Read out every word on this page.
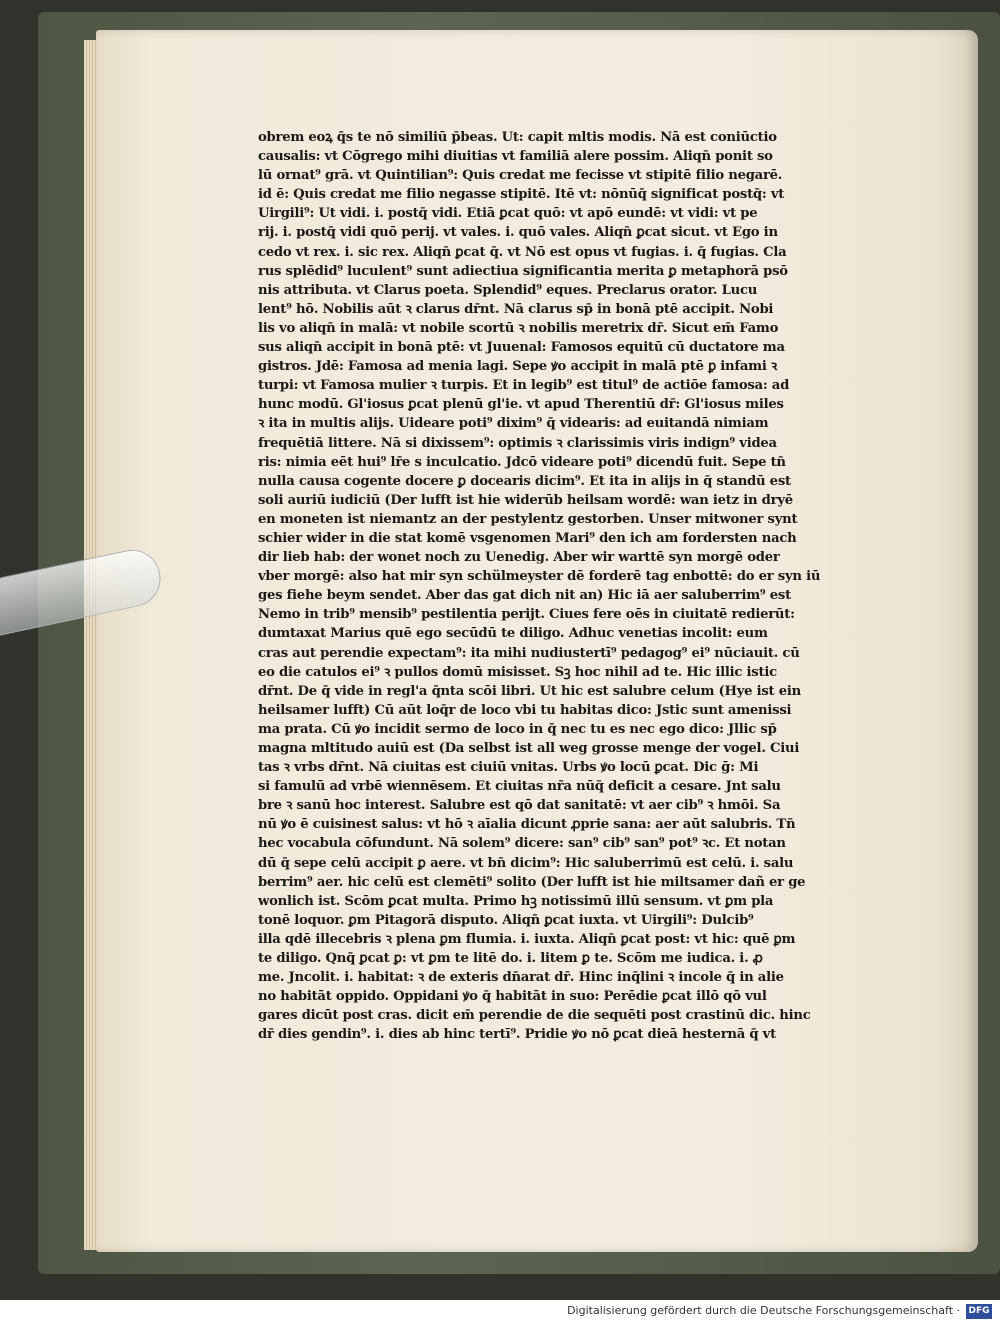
obrem eoꝝ q̄s te nō similiū p̄beas. Ut: capit mltis modis. Nā est coniūctio
causalis: vt Cōgrego mihi diuitias vt familiā alere possim. Aliqn̄ ponit so
lū ornat⁹ grā. vt Quintilian⁹: Quis credat me fecisse vt stipitē filio negarē.
id ē: Quis credat me filio negasse stipitē. Itē vt: nōnūq̄ significat postq̄: vt
Uirgili⁹: Ut vidi. i. postq̄ vidi. Etiā ꝑcat quō: vt apō eundē: vt vidi: vt pe
rij. i. postq̄ vidi quō perij. vt vales. i. quō vales. Aliqn̄ ꝑcat sicut. vt Ego in
cedo vt rex. i. sic rex. Aliqn̄ ꝑcat q̄. vt Nō est opus vt fugias. i. q̄ fugias. Cla
rus splēdid⁹ luculent⁹ sunt adiectiua significantia merita ꝑ metaphorā psō
nis attributa. vt Clarus poeta. Splendid⁹ eques. Preclarus orator. Lucu
lent⁹ hō. Nobilis aūt ꝛ clarus dr̄nt. Nā clarus sp̄ in bonā ptē accipit. Nobi
lis vo aliqn̄ in malā: vt nobile scortū ꝛ nobilis meretrix dr̄. Sicut em̄ Famo
sus aliqn̄ accipit in bonā ptē: vt Juuenal: Famosos equitū cū ductatore ma
gistros. Jdē: Famosa ad menia lagi. Sepe ꝟo accipit in malā ptē ꝑ infami ꝛ
turpi: vt Famosa mulier ꝛ turpis. Et in legib⁹ est titul⁹ de actiōe famosa: ad
hunc modū. Gl'iosus ꝑcat plenū gl'ie. vt apud Therentiū dr̄: Gl'iosus miles
ꝛ ita in multis alijs. Uideare poti⁹ dixim⁹ q̄ videaris: ad euitandā nimiam
frequētiā littere. Nā si dixissem⁹: optimis ꝛ clarissimis viris indign⁹ videa
ris: nimia eēt hui⁹ lr̄e s inculcatio. Jdcō videare poti⁹ dicendū fuit. Sepe tn̄
nulla causa cogente docere ꝑ docearis dicim⁹. Et ita in alijs in q̄ standū est
soli auriū iudiciū (Der lufft ist hie widerūb heilsam wordē: wan ietz in dryē
en moneten ist niemantz an der pestylentz gestorben. Unser mitwoner synt
schier wider in die stat komē vsgenomen Mari⁹ den ich am fordersten nach
dir lieb hab: der wonet noch zu Uenedig. Aber wir warttē syn morgē oder
vber morgē: also hat mir syn schülmeyster dē forderē tag enbottē: do er syn iū
ges fiehe beym sendet. Aber das gat dich nit an) Hic iā aer saluberrim⁹ est
Nemo in trib⁹ mensib⁹ pestilentia perijt. Ciues fere oēs in ciuitatē redierūt:
dumtaxat Marius quē ego secūdū te diligo. Adhuc venetias incolit: eum
cras aut perendie expectam⁹: ita mihi nudiustertī⁹ pedagog⁹ ei⁹ nūciauit. cū
eo die catulos ei⁹ ꝛ pullos domū misisset. Sꝫ hoc nihil ad te. Hic illic istic
dr̄nt. De q̄ vide in regl'a q̄nta scōi libri. Ut hic est salubre celum (Hye ist ein
heilsamer lufft) Cū aūt loq̄r de loco vbi tu habitas dico: Jstic sunt amenissi
ma prata. Cū ꝟo incidit sermo de loco in q̄ nec tu es nec ego dico: Jllic sp̄
magna mltitudo auiū est (Da selbst ist all weg grosse menge der vogel. Ciui
tas ꝛ vrbs dr̄nt. Nā ciuitas est ciuiū vnitas. Urbs ꝟo locū ꝑcat. Dic ḡ: Mi
si famulū ad vrbē wiennēsem. Et ciuitas nr̄a nūq̄ deficit a cesare. Jnt salu
bre ꝛ sanū hoc interest. Salubre est qō dat sanitatē: vt aer cib⁹ ꝛ hmōi. Sa
nū ꝟo ē cuisinest salus: vt hō ꝛ aīalia dicunt ꝓprie sana: aer aūt salubris. Tn̄
hec vocabula cōfundunt. Nā solem⁹ dicere: san⁹ cib⁹ san⁹ pot⁹ ꝛc. Et notan
dū q̄ sepe celū accipit ꝑ aere. vt bn̄ dicim⁹: Hic saluberrimū est celū. i. salu
berrim⁹ aer. hic celū est clemēti⁹ solito (Der lufft ist hie miltsamer dañ er ge
wonlich ist. Scōm ꝑcat multa. Primo hꝫ notissimū illū sensum. vt ꝑm pla
tonē loquor. ꝑm Pitagorā disputo. Aliqn̄ ꝑcat iuxta. vt Uirgili⁹: Dulcib⁹
illa qdē illecebris ꝛ plena ꝑm flumia. i. iuxta. Aliqn̄ ꝑcat post: vt hic: quē ꝑm
te diligo. Qnq̄ ꝑcat ꝑ: vt ꝑm te litē do. i. litem ꝑ te. Scōm me iudica. i. ꝓ
me. Jncolit. i. habitat: ꝛ de exteris dn̄arat dr̄. Hinc inq̄lini ꝛ incole q̄ in alie
no habitāt oppido. Oppidani ꝟo q̄ habitāt in suo: Perēdie ꝑcat illō qō vul
gares dicūt post cras. dicit em̄ perendie de die sequēti post crastinū dic. hinc
dr̄ dies gendin⁹. i. dies ab hinc tertī⁹. Pridie ꝟo nō ꝑcat dieā hesternā q̄ vt
Digitalisierung gefördert durch die Deutsche Forschungsgemeinschaft · DFG
